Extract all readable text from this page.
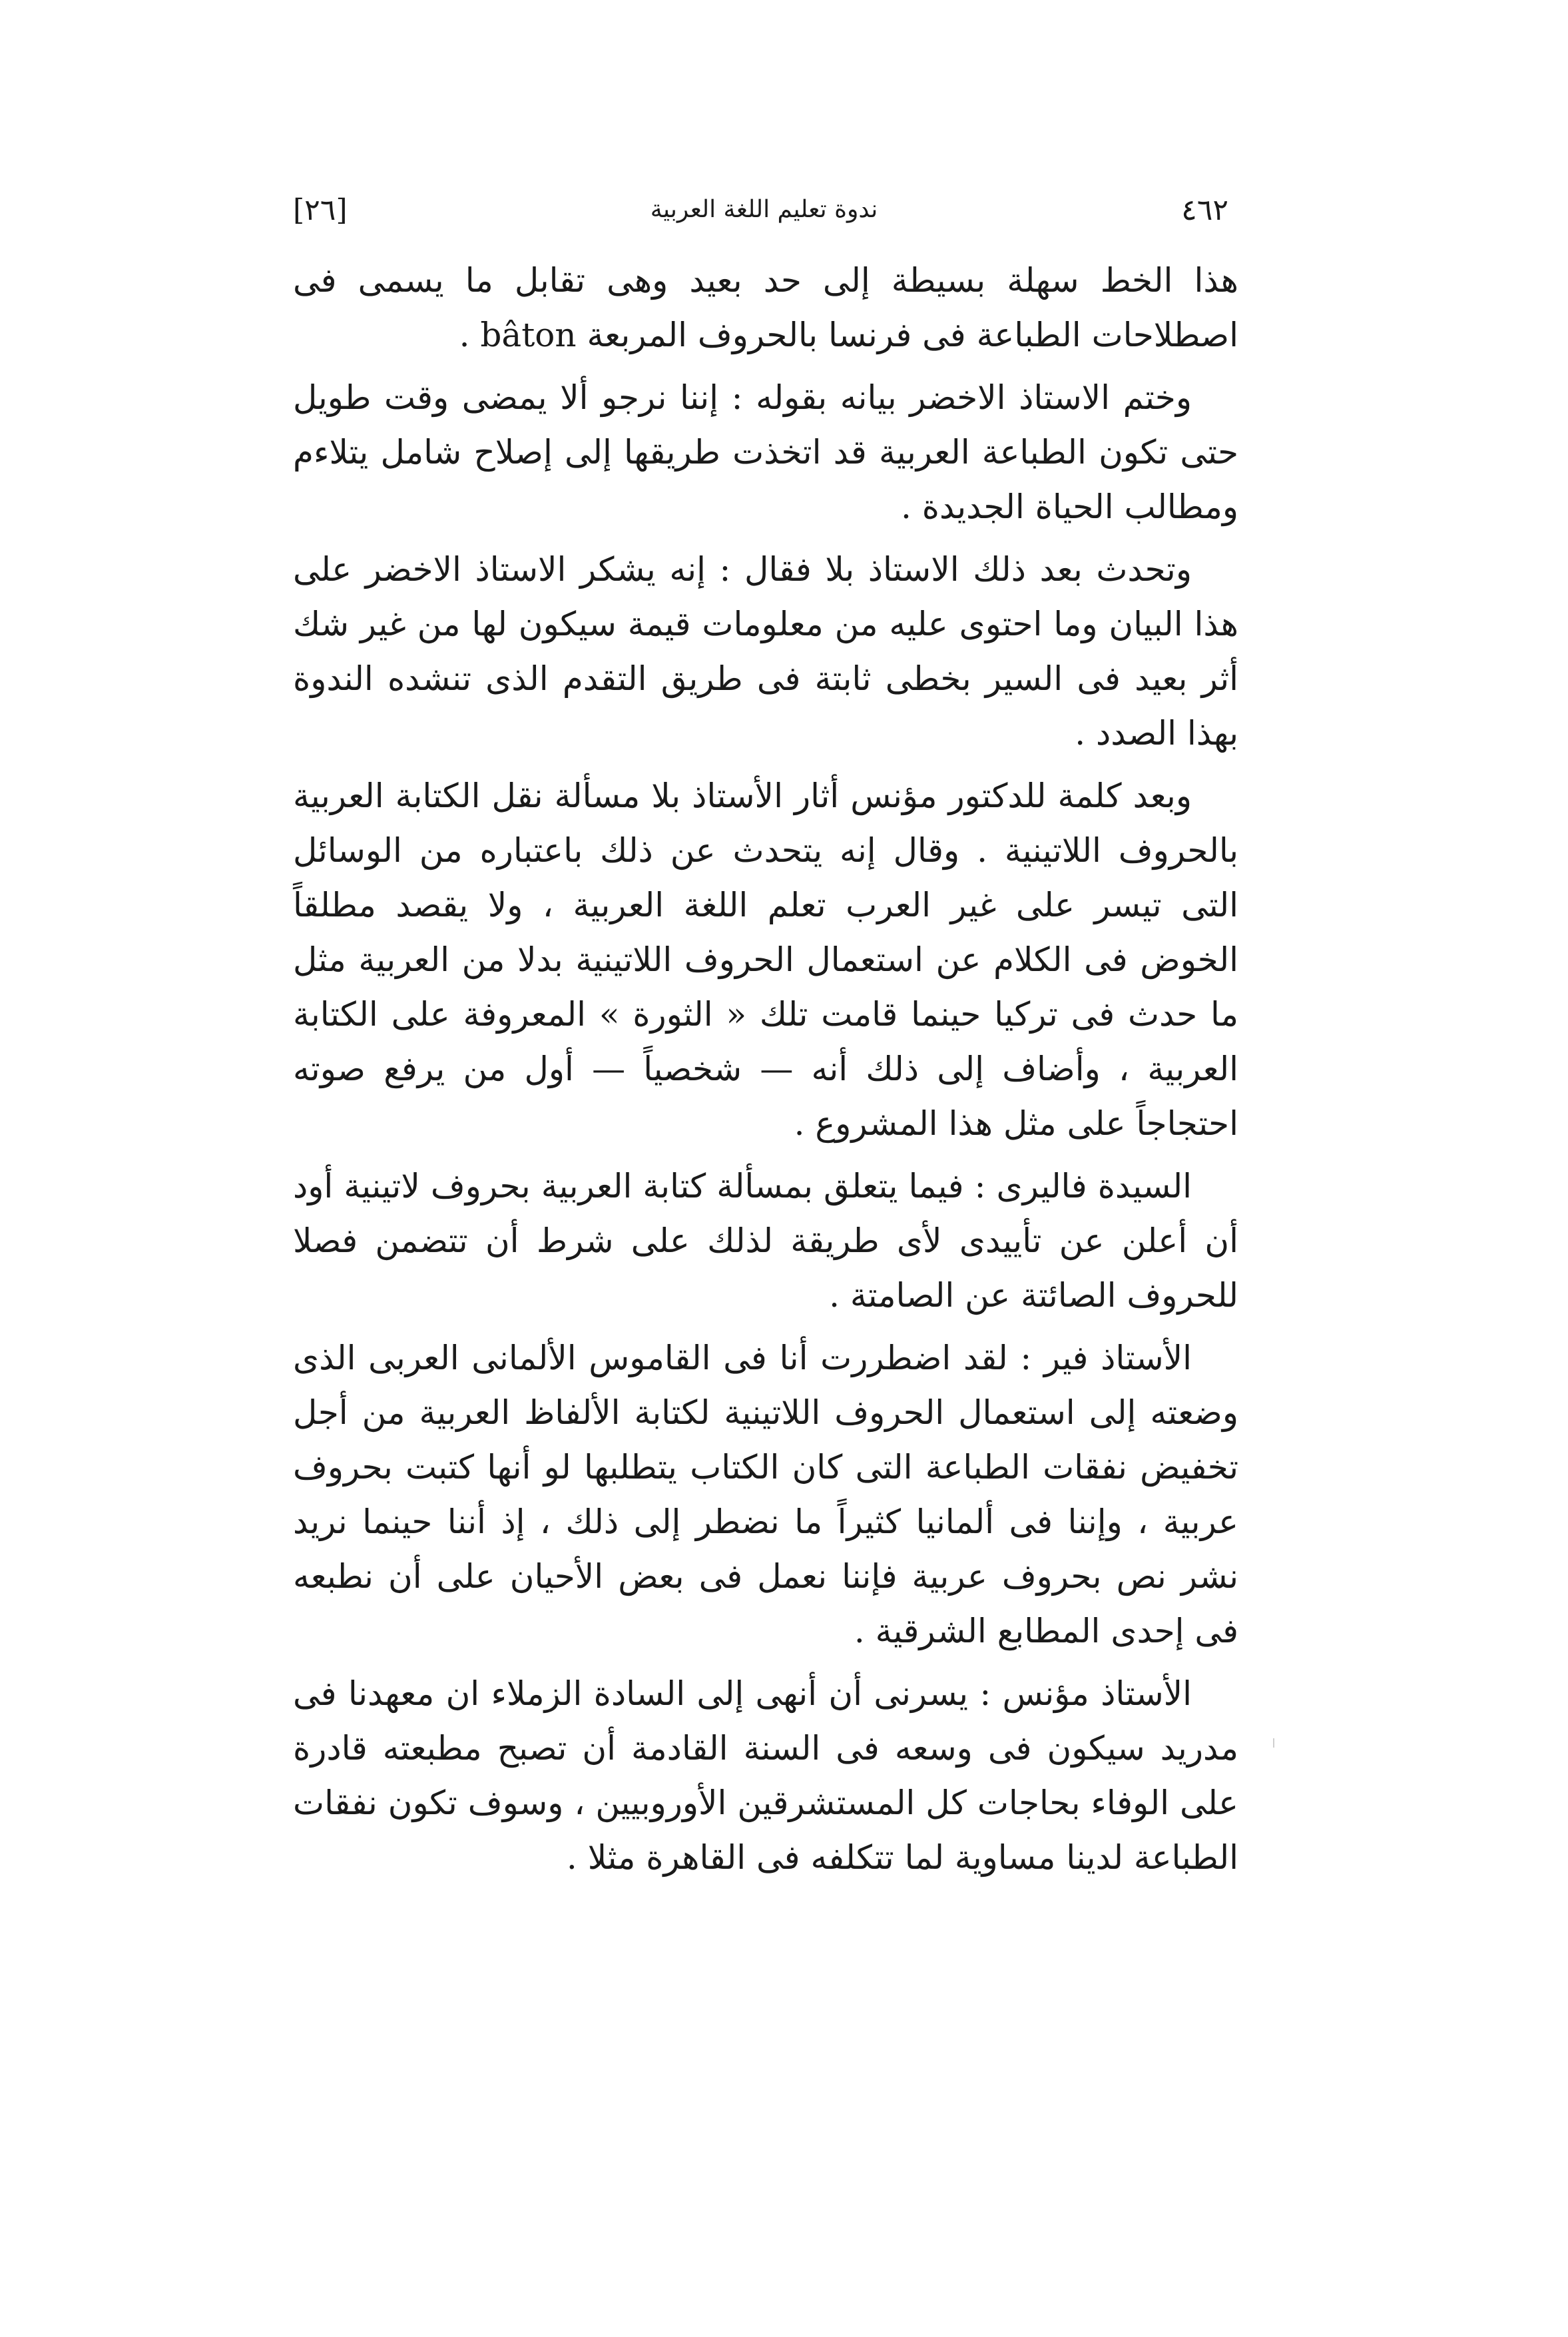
[٢٦]	ندوة تعليم اللغة العربية	٤٦٢

هذا الخط سهلة بسيطة إلى حد بعيد وهى تقابل ما يسمى فى اصطلاحات الطباعة فى فرنسا بالحروف المربعة bâton .

وختم الاستاذ الاخضر بيانه بقوله : إننا نرجو ألا يمضى وقت طويل حتى تكون الطباعة العربية قد اتخذت طريقها إلى إصلاح شامل يتلاءم ومطالب الحياة الجديدة .

وتحدث بعد ذلك الاستاذ بلا فقال : إنه يشكر الاستاذ الاخضر على هذا البيان وما احتوى عليه من معلومات قيمة سيكون لها من غير شك أثر بعيد فى السير بخطى ثابتة فى طريق التقدم الذى تنشده الندوة بهذا الصدد .

وبعد كلمة للدكتور مؤنس أثار الأستاذ بلا مسألة نقل الكتابة العربية بالحروف اللاتينية . وقال إنه يتحدث عن ذلك باعتباره من الوسائل التى تيسر على غير العرب تعلم اللغة العربية ، ولا يقصد مطلقاً الخوض فى الكلام عن استعمال الحروف اللاتينية بدلا من العربية مثل ما حدث فى تركيا حينما قامت تلك « الثورة » المعروفة على الكتابة العربية ، وأضاف إلى ذلك أنه — شخصياً — أول من يرفع صوته احتجاجاً على مثل هذا المشروع .

السيدة فاليرى : فيما يتعلق بمسألة كتابة العربية بحروف لاتينية أود أن أعلن عن تأييدى لأى طريقة لذلك على شرط أن تتضمن فصلا للحروف الصائتة عن الصامتة .

الأستاذ فير : لقد اضطررت أنا فى القاموس الألمانى العربى الذى وضعته إلى استعمال الحروف اللاتينية لكتابة الألفاظ العربية من أجل تخفيض نفقات الطباعة التى كان الكتاب يتطلبها لو أنها كتبت بحروف عربية ، وإننا فى ألمانيا كثيراً ما نضطر إلى ذلك ، إذ أننا حينما نريد نشر نص بحروف عربية فإننا نعمل فى بعض الأحيان على أن نطبعه فى إحدى المطابع الشرقية .

الأستاذ مؤنس : يسرنى أن أنهى إلى السادة الزملاء ان معهدنا فى مدريد سيكون فى وسعه فى السنة القادمة أن تصبح مطبعته قادرة على الوفاء بحاجات كل المستشرقين الأوروبيين ، وسوف تكون نفقات الطباعة لدينا مساوية لما تتكلفه فى القاهرة مثلا .
